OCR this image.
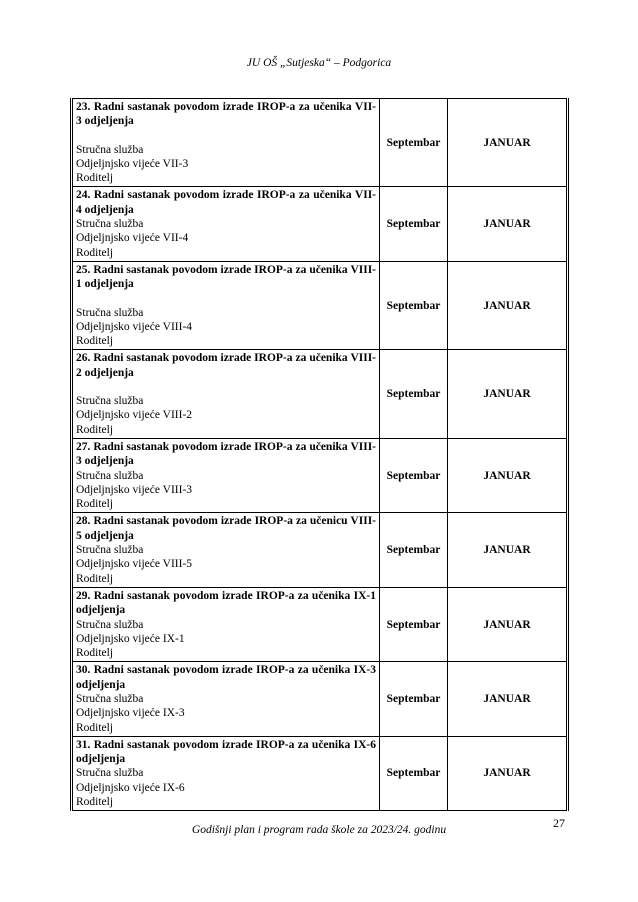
JU OŠ „Sutjeska“ – Podgorica
23. Radni sastanak povodom izrade IROP-a za učenika VII-3 odjeljenja
Stručna služba
Odjeljnjsko vijeće VII-3
Roditelj	Septembar	JANUAR

24. Radni sastanak povodom izrade IROP-a za učenika VII-4 odjeljenja
Stručna služba
Odjeljnjsko vijeće VII-4
Roditelj	Septembar	JANUAR

25. Radni sastanak povodom izrade IROP-a za učenika VIII-1 odjeljenja
Stručna služba
Odjeljnjsko vijeće VIII-4
Roditelj	Septembar	JANUAR

26. Radni sastanak povodom izrade IROP-a za učenika VIII-2 odjeljenja
Stručna služba
Odjeljnjsko vijeće VIII-2
Roditelj	Septembar	JANUAR

27. Radni sastanak povodom izrade IROP-a za učenika VIII-3 odjeljenja
Stručna služba
Odjeljnjsko vijeće VIII-3
Roditelj	Septembar	JANUAR

28. Radni sastanak povodom izrade IROP-a za učenicu VIII-5 odjeljenja
Stručna služba
Odjeljnjsko vijeće VIII-5
Roditelj	Septembar	JANUAR

29. Radni sastanak povodom izrade IROP-a za učenika IX-1 odjeljenja
Stručna služba
Odjeljnjsko vijeće IX-1
Roditelj	Septembar	JANUAR

30. Radni sastanak povodom izrade IROP-a za učenika IX-3 odjeljenja
Stručna služba
Odjeljnjsko vijeće IX-3
Roditelj	Septembar	JANUAR

31. Radni sastanak povodom izrade IROP-a za učenika IX-6 odjeljenja
Stručna služba
Odjeljnjsko vijeće IX-6
Roditelj	Septembar	JANUAR
27
Godišnji plan i program rada škole za 2023/24. godinu
